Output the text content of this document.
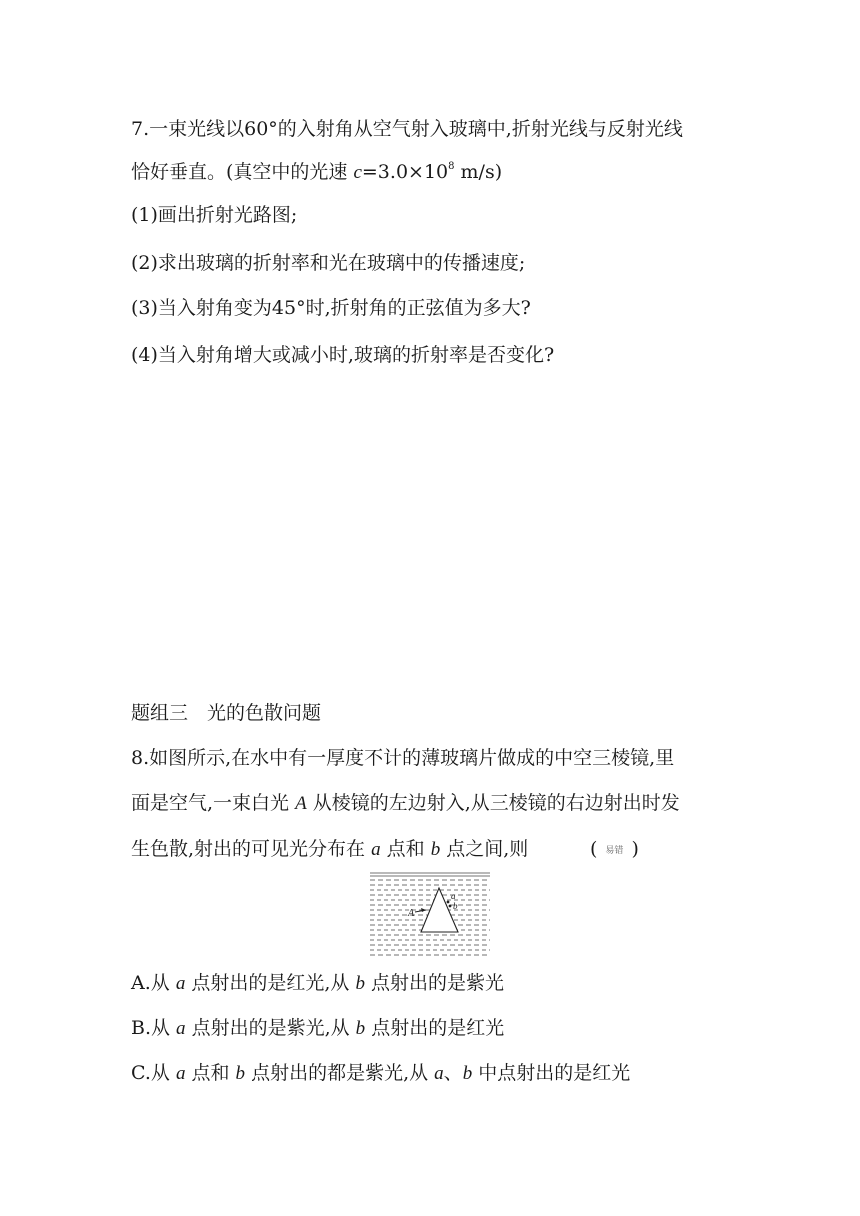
7.一束光线以60°的入射角从空气射入玻璃中,折射光线与反射光线
恰好垂直。(真空中的光速 $c=3.0\times 10^8$ m/s)
(1)画出折射光路图;
(2)求出玻璃的折射率和光在玻璃中的传播速度;
(3)当入射角变为45°时,折射角的正弦值为多大?
(4)当入射角增大或减小时,玻璃的折射率是否变化?
题组三　光的色散问题
8.如图所示,在水中有一厚度不计的薄玻璃片做成的中空三棱镜,里
面是空气,一束白光 A 从棱镜的左边射入,从三棱镜的右边射出时发
生色散,射出的可见光分布在 a 点和 b 点之间,则	( 易错 )
a
b
A
A.从 a 点射出的是红光,从 b 点射出的是紫光
B.从 a 点射出的是紫光,从 b 点射出的是红光
C.从 a 点和 b 点射出的都是紫光,从 a、b 中点射出的是红光
